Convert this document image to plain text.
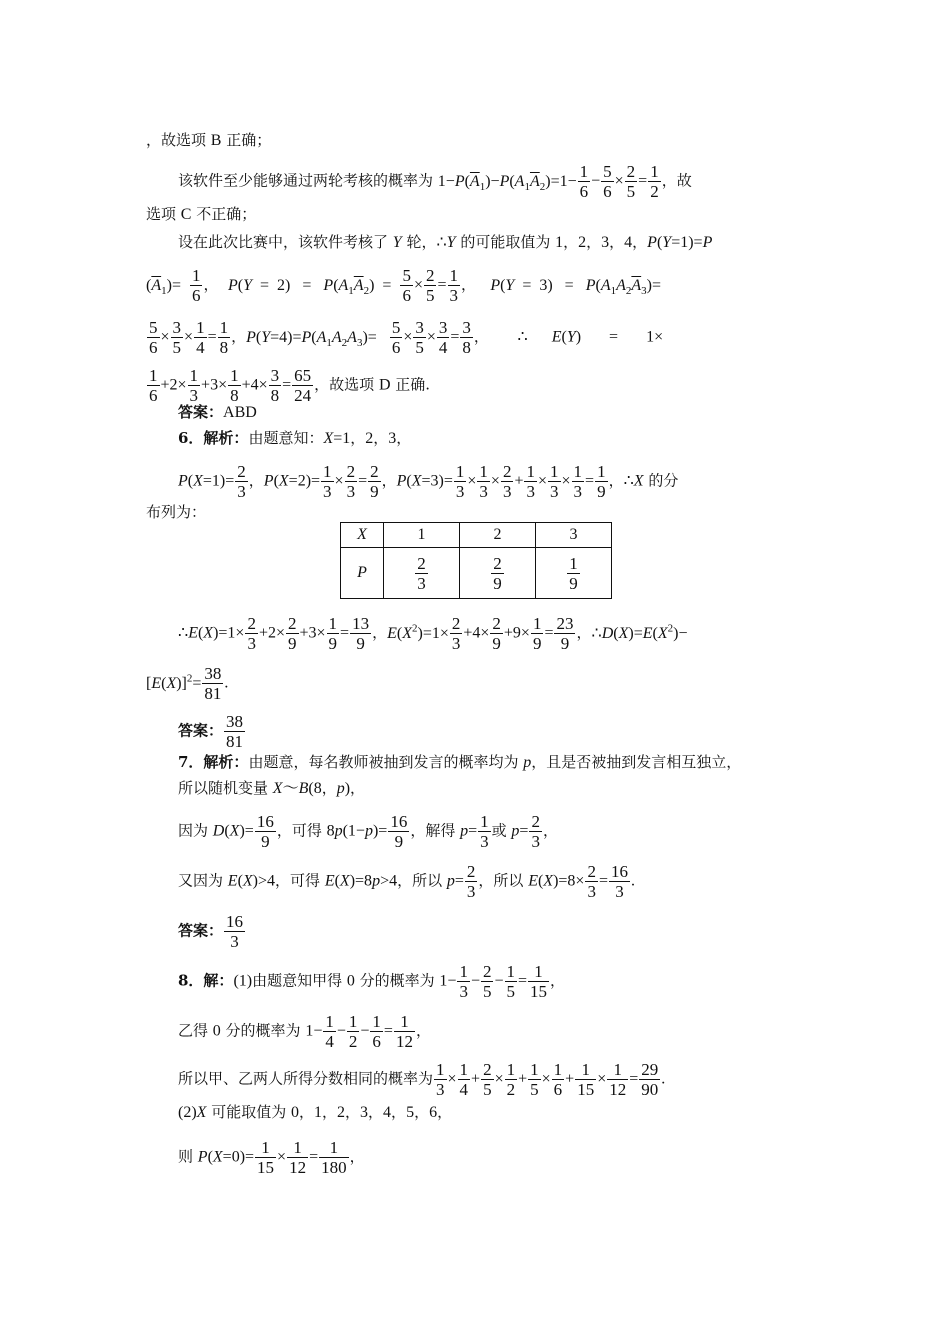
，故选项 B 正确；
该软件至少能够通过两轮考核的概率为 $1-P(\overline{A}_1)-P(A_1\overline{A}_2)=1- \frac{1}{6} - \frac{5}{6} \times \frac{2}{5} = \frac{1}{2}$ ，故
选项 C 不正确；
设在此次比赛中，该软件考核了 Y 轮，∴Y 的可能取值为 1，2，3，4，P(Y=1)=P
$(\overline{A}_1)= \frac{1}{6}$ ，  $P(Y = 2) = P(A_1\overline{A}_2) = \frac{5}{6} \times \frac{2}{5} = \frac{1}{3}$ ，   $P(Y = 3) = P(A_1A_2\overline{A}_3)=$
$\frac{5}{6} \times \frac{3}{5} \times \frac{1}{4} = \frac{1}{8}$ ，$P(Y=4)=P(A_1A_2A_3)= \frac{5}{6} \times \frac{3}{5} \times \frac{3}{4} = \frac{3}{8}$ ，      ∴      E(Y)       =       1×
$\frac{1}{6} +2\times \frac{1}{3} +3\times \frac{1}{8} +4\times \frac{3}{8} = \frac{65}{24}$ ，故选项 D 正确.
答案：ABD
6．解析：由题意知：X=1，2，3，
$P(X=1)= \frac{2}{3}$ ，$P(X=2)= \frac{1}{3} \times \frac{2}{3} = \frac{2}{9}$ ，$P(X=3)= \frac{1}{3} \times \frac{1}{3} \times \frac{2}{3} + \frac{1}{3} \times \frac{1}{3} \times \frac{1}{3} = \frac{1}{9}$ ，∴X 的分
布列为：
X	1	2	3
P	$\frac{2}{3}$	$\frac{2}{9}$	$\frac{1}{9}$
∴E(X)=1× $\frac{2}{3} +2\times \frac{2}{9} +3\times \frac{1}{9} = \frac{13}{9}$ ，$E(X^2)=1\times \frac{2}{3} +4\times \frac{2}{9} +9\times \frac{1}{9} = \frac{23}{9}$ ，$\therefore D(X)=E(X^2)-$
$[E(X)]^2= \frac{38}{81}$ .
答案： $\frac{38}{81}$
7．解析：由题意，每名教师被抽到发言的概率均为 p，且是否被抽到发言相互独立，
所以随机变量 X～B(8，p)，
因为 $D(X)= \frac{16}{9}$ ，可得 $8p(1-p)= \frac{16}{9}$ ，解得 $p= \frac{1}{3}$ 或 $p= \frac{2}{3}$ ，
又因为 E(X)>4，可得 E(X)=8p>4，所以 $p= \frac{2}{3}$ ，所以 $E(X)=8\times \frac{2}{3} = \frac{16}{3}$ .
答案： $\frac{16}{3}$
8．解：(1)由题意知甲得 0 分的概率为 $1- \frac{1}{3} - \frac{2}{5} - \frac{1}{5} = \frac{1}{15}$ ，
乙得 0 分的概率为 $1- \frac{1}{4} - \frac{1}{2} - \frac{1}{6} = \frac{1}{12}$ ，
所以甲、乙两人所得分数相同的概率为 $\frac{1}{3} \times \frac{1}{4} + \frac{2}{5} \times \frac{1}{2} + \frac{1}{5} \times \frac{1}{6} + \frac{1}{15} \times \frac{1}{12} = \frac{29}{90}$ .
(2)X 可能取值为 0，1，2，3，4，5，6，
则 $P(X=0)= \frac{1}{15} \times \frac{1}{12} = \frac{1}{180}$ ，
